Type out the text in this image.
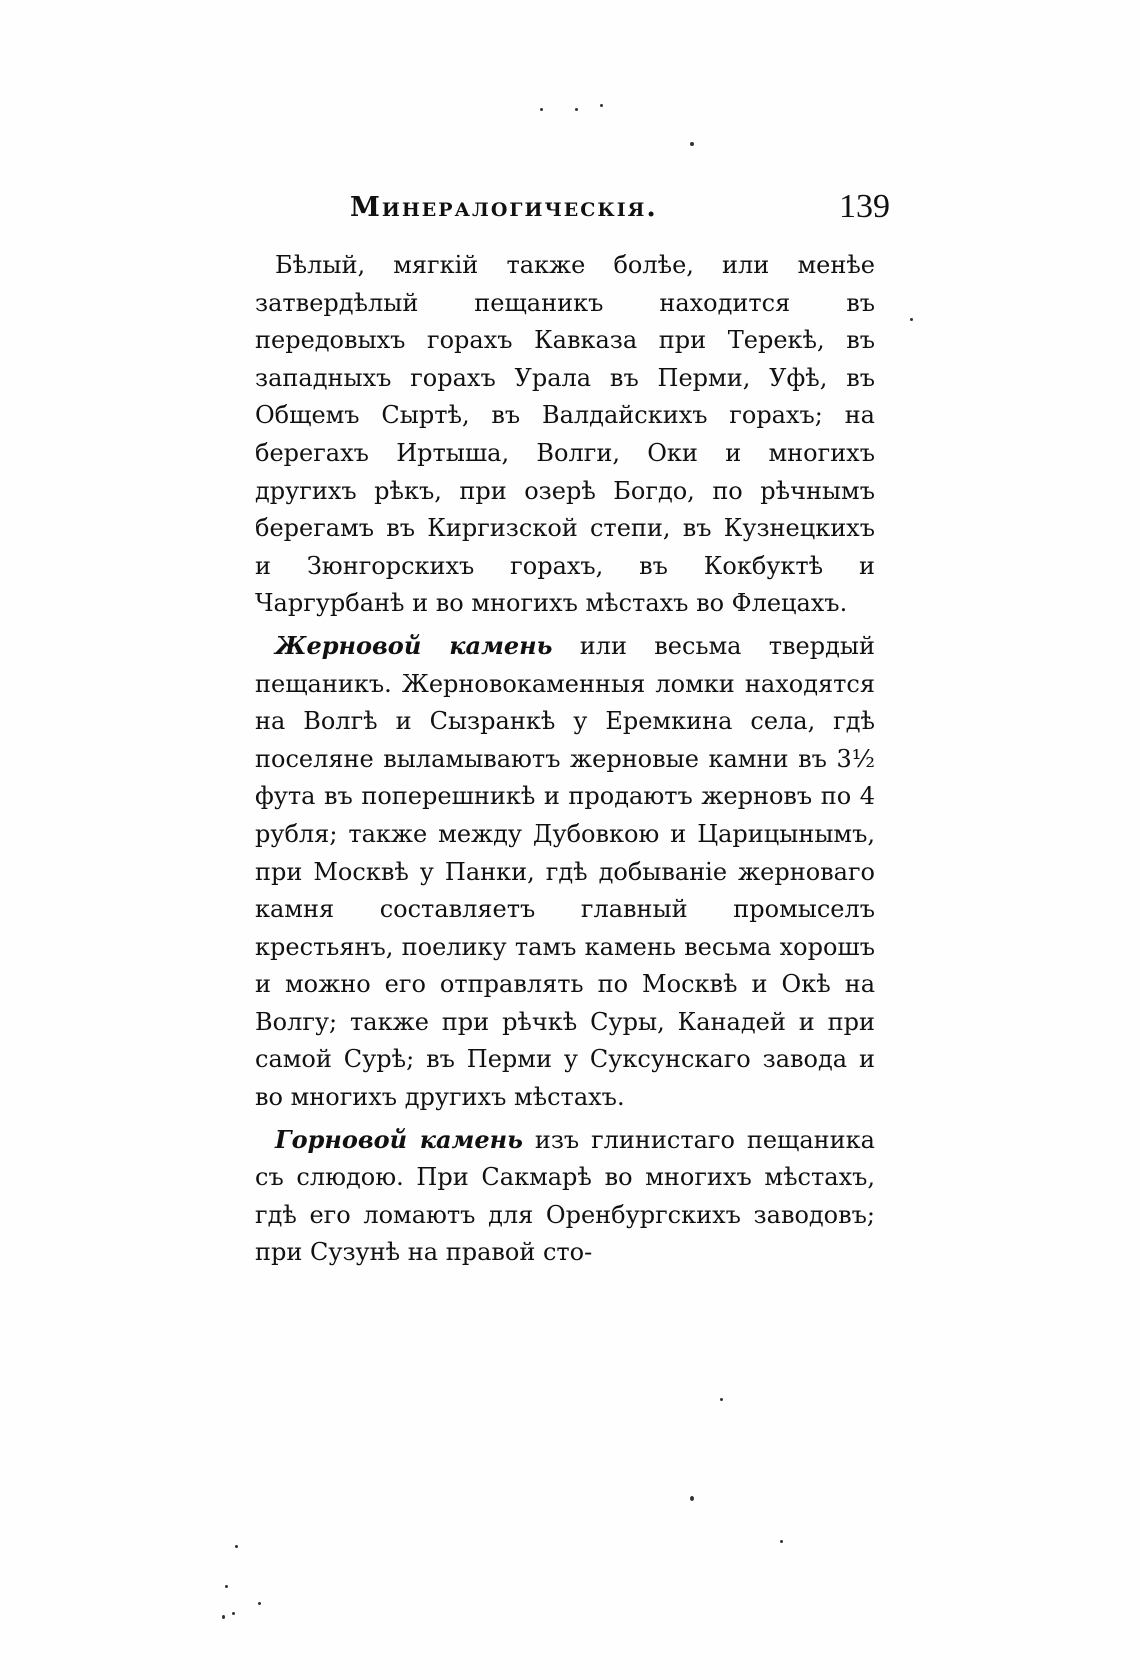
Минералогическiя.	139

Бѣлый, мягкiй также болѣе, или менѣе затвердѣлый пещаникъ находится въ передовыхъ горахъ Кавказа при Терекѣ, въ западныхъ горахъ Урала въ Перми, Уфѣ, въ Общемъ Сыртѣ, въ Валдайскихъ горахъ; на берегахъ Иртыша, Волги, Оки и многихъ другихъ рѣкъ, при озерѣ Богдо, по рѣчнымъ берегамъ въ Киргизской степи, въ Кузнецкихъ и Зюнгорскихъ горахъ, въ Кокбуктѣ и Чаргурбанѣ и во многихъ мѣстахъ во Флецахъ.

Жерновой камень или весьма твердый пещаникъ. Жерновокаменныя ломки находятся на Волгѣ и Сызранкѣ у Еремкина села, гдѣ поселяне выламываютъ жерновые камни въ 3½ фута въ поперешникѣ и продаютъ жерновъ по 4 рубля; также между Дубовкою и Царицынымъ, при Москвѣ у Панки, гдѣ добыванiе жерноваго камня составляетъ главный промыселъ крестьянъ, поелику тамъ камень весьма хорошъ и можно его отправлять по Москвѣ и Окѣ на Волгу; также при рѣчкѣ Суры, Канадей и при самой Сурѣ; въ Перми у Суксунскаго завода и во многихъ другихъ мѣстахъ.

Горновой камень изъ глинистаго пещаника съ слюдою. При Сакмарѣ во многихъ мѣстахъ, гдѣ его ломаютъ для Оренбургскихъ заводовъ; при Сузунѣ на правой сто-
